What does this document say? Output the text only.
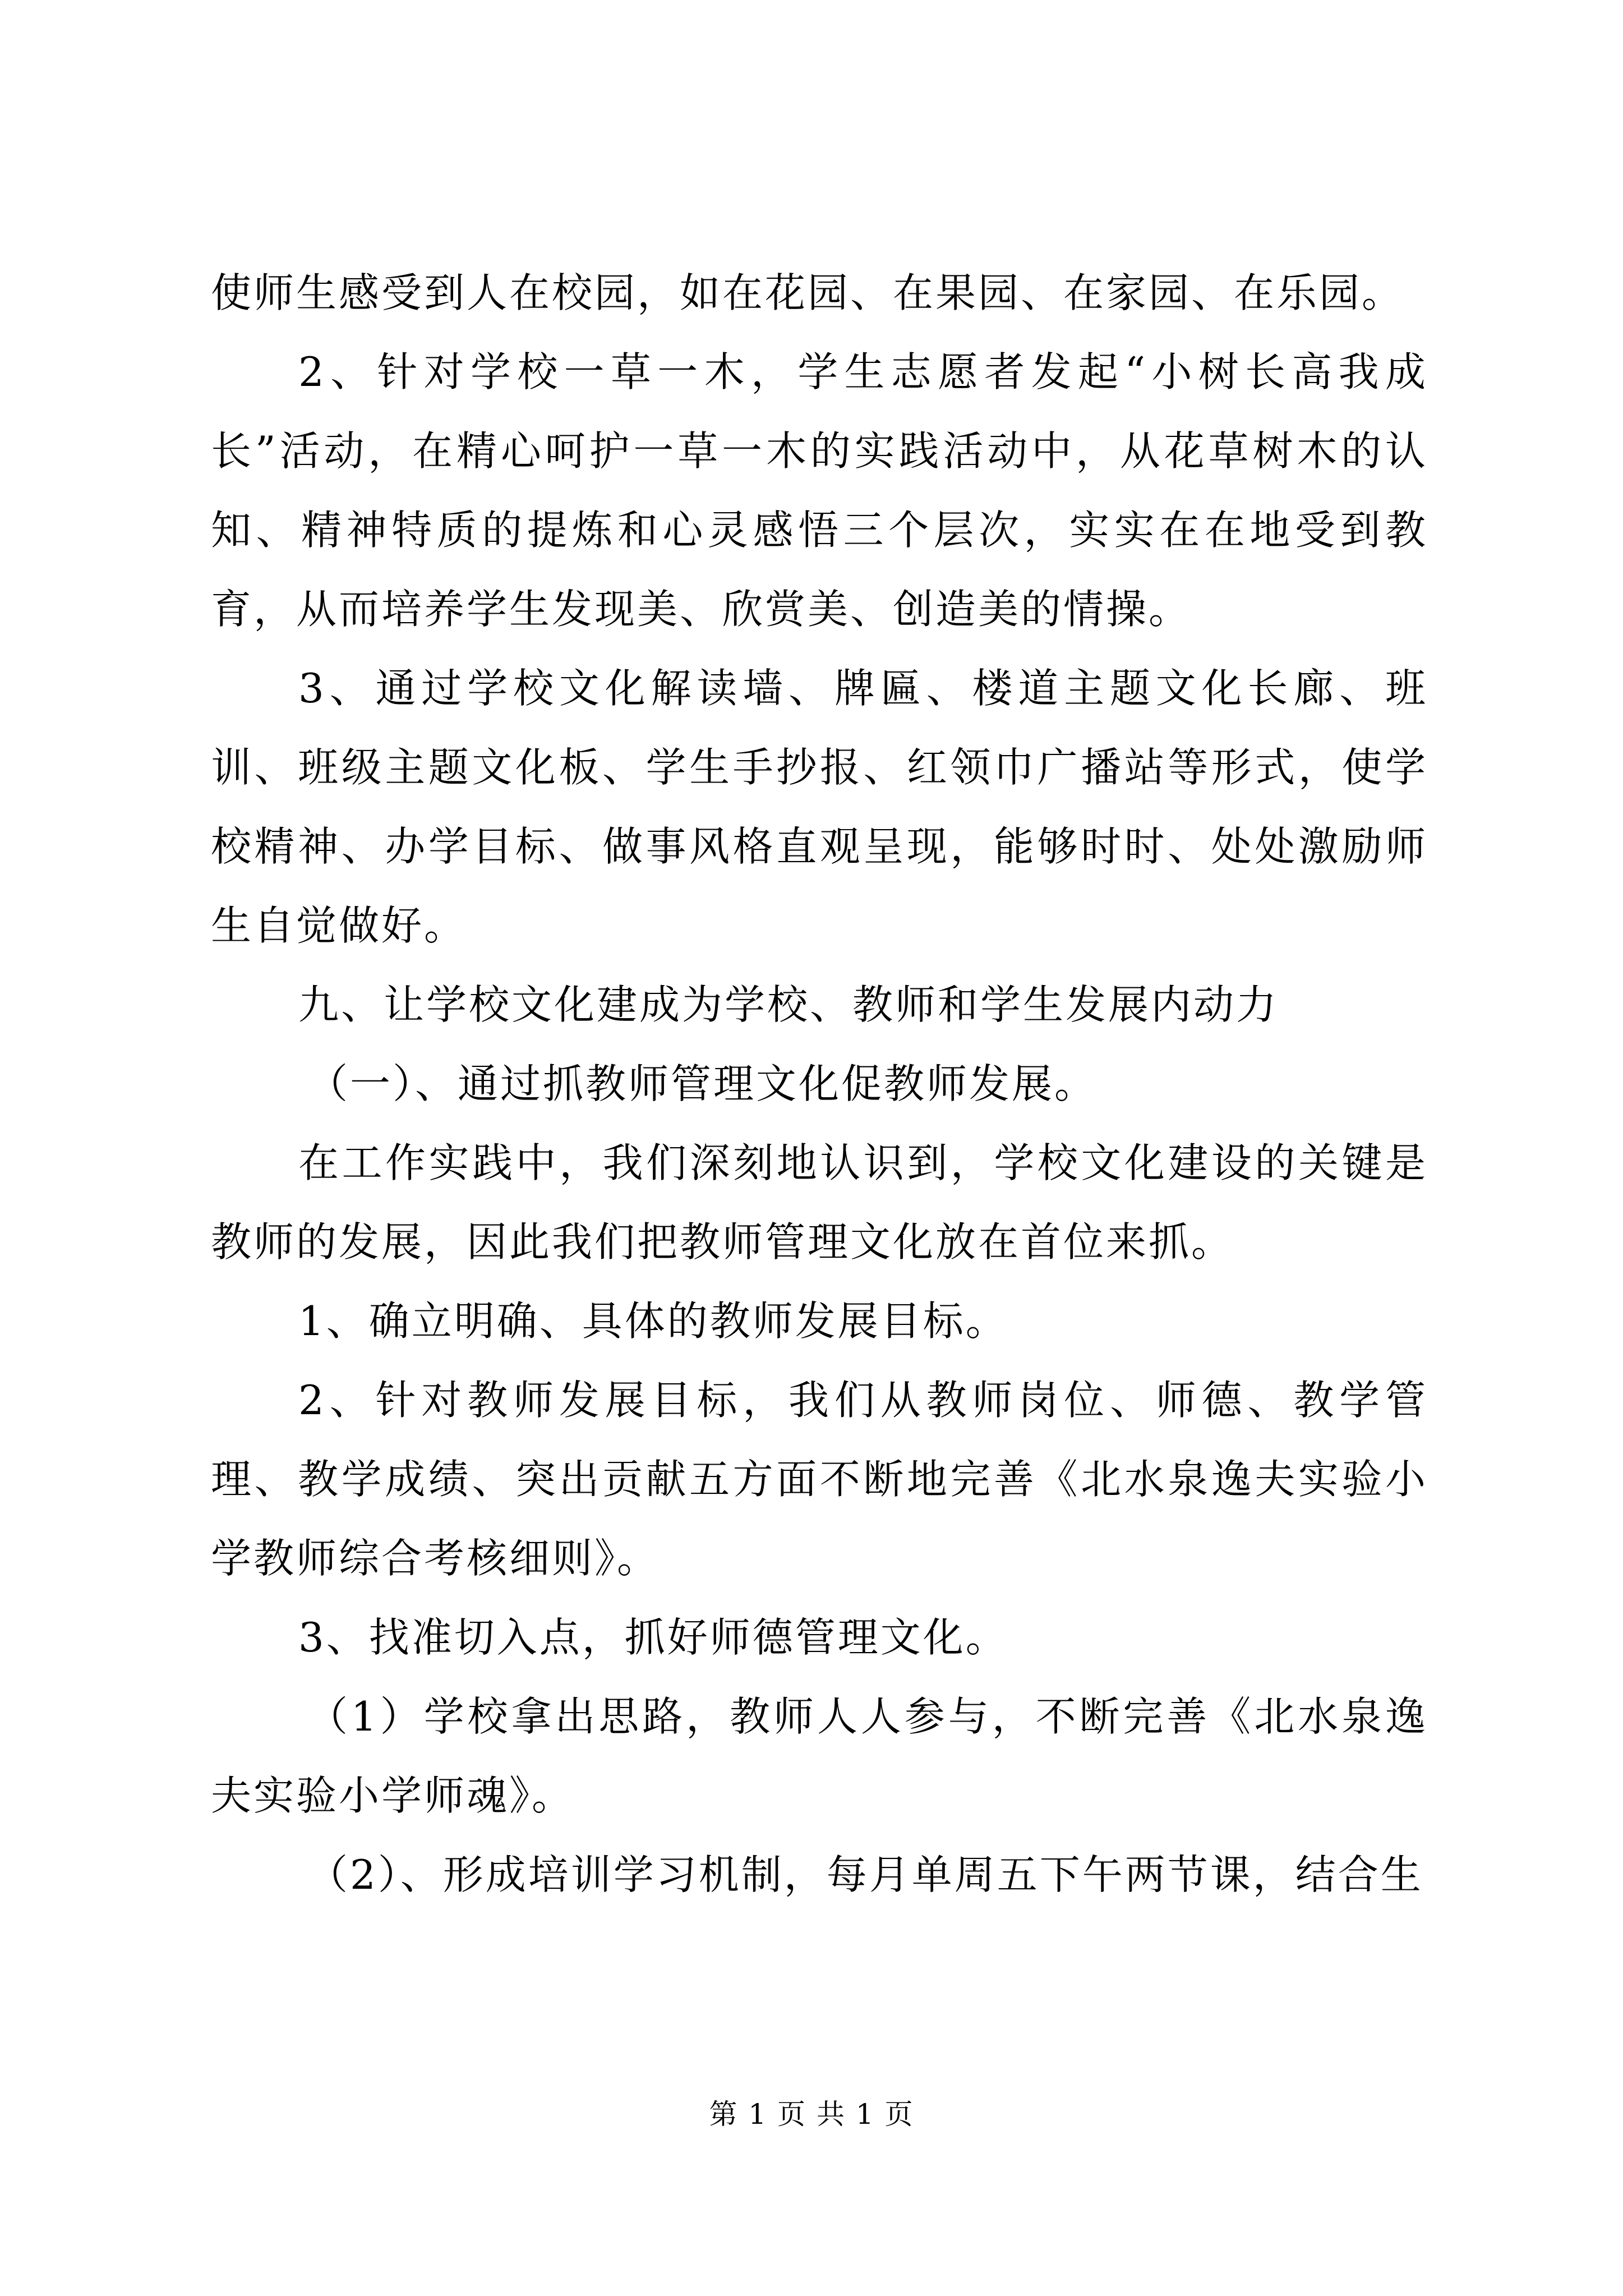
使师生感受到人在校园，如在花园、在果园、在家园、在乐园。

2、针对学校一草一木，学生志愿者发起“小树长高我成长”活动，在精心呵护一草一木的实践活动中，从花草树木的认知、精神特质的提炼和心灵感悟三个层次，实实在在地受到教育，从而培养学生发现美、欣赏美、创造美的情操。

3、通过学校文化解读墙、牌匾、楼道主题文化长廊、班训、班级主题文化板、学生手抄报、红领巾广播站等形式，使学校精神、办学目标、做事风格直观呈现，能够时时、处处激励师生自觉做好。

九、让学校文化建成为学校、教师和学生发展内动力

（一）、通过抓教师管理文化促教师发展。

在工作实践中，我们深刻地认识到，学校文化建设的关键是教师的发展，因此我们把教师管理文化放在首位来抓。

1、确立明确、具体的教师发展目标。

2、针对教师发展目标，我们从教师岗位、师德、教学管理、教学成绩、突出贡献五方面不断地完善《北水泉逸夫实验小学教师综合考核细则》。

3、找准切入点，抓好师德管理文化。

（1）学校拿出思路，教师人人参与，不断完善《北水泉逸夫实验小学师魂》。

（2）、形成培训学习机制，每月单周五下午两节课，结合生

第 1 页 共 1 页
